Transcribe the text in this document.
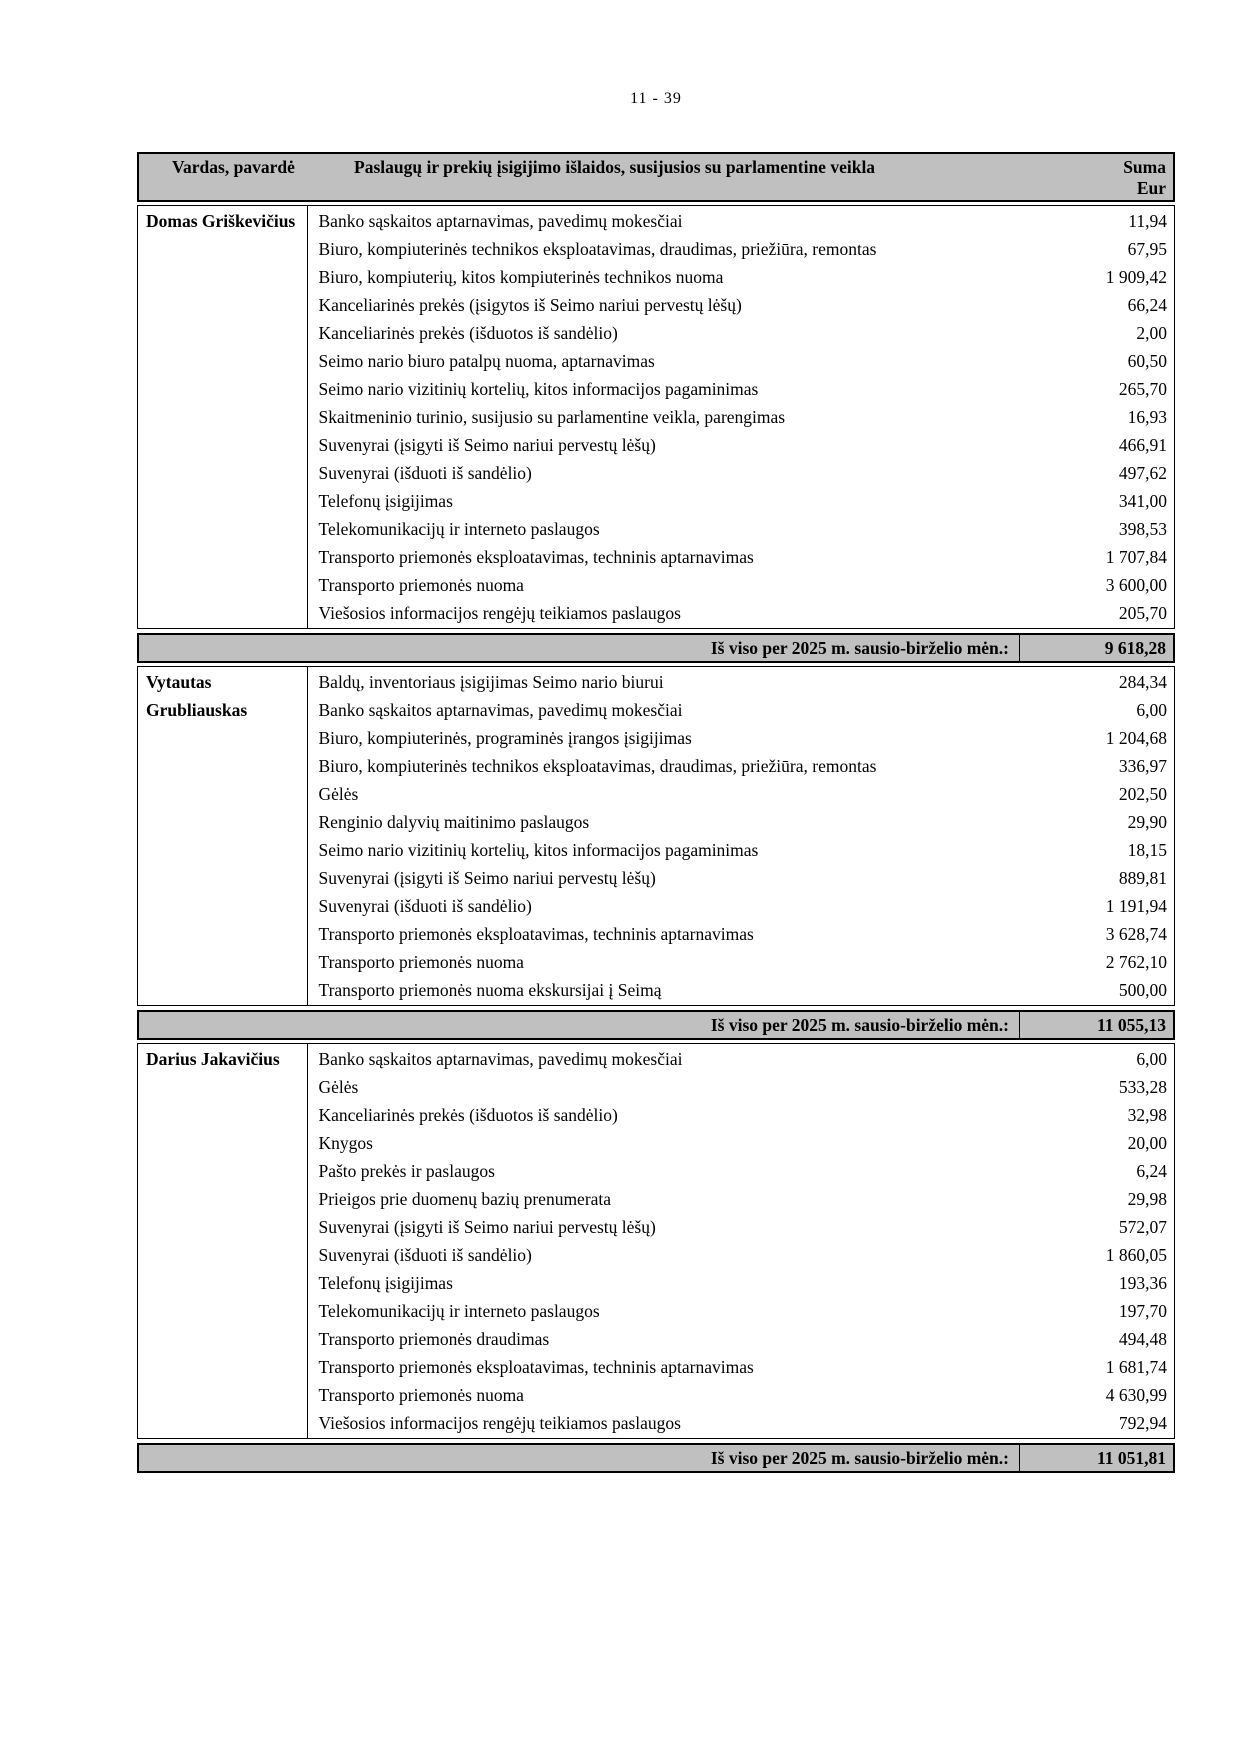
11 - 39
Vardas, pavardė	Paslaugų ir prekių įsigijimo išlaidos, susijusios su parlamentine veikla	Suma
Eur
Domas Griškevičius	Banko sąskaitos aptarnavimas, pavedimų mokesčiai	11,94
Biuro, kompiuterinės technikos eksploatavimas, draudimas, priežiūra, remontas	67,95
Biuro, kompiuterių, kitos kompiuterinės technikos nuoma	1 909,42
Kanceliarinės prekės (įsigytos iš Seimo nariui pervestų lėšų)	66,24
Kanceliarinės prekės (išduotos iš sandėlio)	2,00
Seimo nario biuro patalpų nuoma, aptarnavimas	60,50
Seimo nario vizitinių kortelių, kitos informacijos pagaminimas	265,70
Skaitmeninio turinio, susijusio su parlamentine veikla, parengimas	16,93
Suvenyrai (įsigyti iš Seimo nariui pervestų lėšų)	466,91
Suvenyrai (išduoti iš sandėlio)	497,62
Telefonų įsigijimas	341,00
Telekomunikacijų ir interneto paslaugos	398,53
Transporto priemonės eksploatavimas, techninis aptarnavimas	1 707,84
Transporto priemonės nuoma	3 600,00
Viešosios informacijos rengėjų teikiamos paslaugos	205,70
Iš viso per 2025 m. sausio-birželio mėn.:	9 618,28
Vytautas
Grubliauskas
Baldų, inventoriaus įsigijimas Seimo nario biurui	284,34
Banko sąskaitos aptarnavimas, pavedimų mokesčiai	6,00
Biuro, kompiuterinės, programinės įrangos įsigijimas	1 204,68
Biuro, kompiuterinės technikos eksploatavimas, draudimas, priežiūra, remontas	336,97
Gėlės	202,50
Renginio dalyvių maitinimo paslaugos	29,90
Seimo nario vizitinių kortelių, kitos informacijos pagaminimas	18,15
Suvenyrai (įsigyti iš Seimo nariui pervestų lėšų)	889,81
Suvenyrai (išduoti iš sandėlio)	1 191,94
Transporto priemonės eksploatavimas, techninis aptarnavimas	3 628,74
Transporto priemonės nuoma	2 762,10
Transporto priemonės nuoma ekskursijai į Seimą	500,00
Iš viso per 2025 m. sausio-birželio mėn.:	11 055,13
Darius Jakavičius	Banko sąskaitos aptarnavimas, pavedimų mokesčiai	6,00
Gėlės	533,28
Kanceliarinės prekės (išduotos iš sandėlio)	32,98
Knygos	20,00
Pašto prekės ir paslaugos	6,24
Prieigos prie duomenų bazių prenumerata	29,98
Suvenyrai (įsigyti iš Seimo nariui pervestų lėšų)	572,07
Suvenyrai (išduoti iš sandėlio)	1 860,05
Telefonų įsigijimas	193,36
Telekomunikacijų ir interneto paslaugos	197,70
Transporto priemonės draudimas	494,48
Transporto priemonės eksploatavimas, techninis aptarnavimas	1 681,74
Transporto priemonės nuoma	4 630,99
Viešosios informacijos rengėjų teikiamos paslaugos	792,94
Iš viso per 2025 m. sausio-birželio mėn.:	11 051,81
